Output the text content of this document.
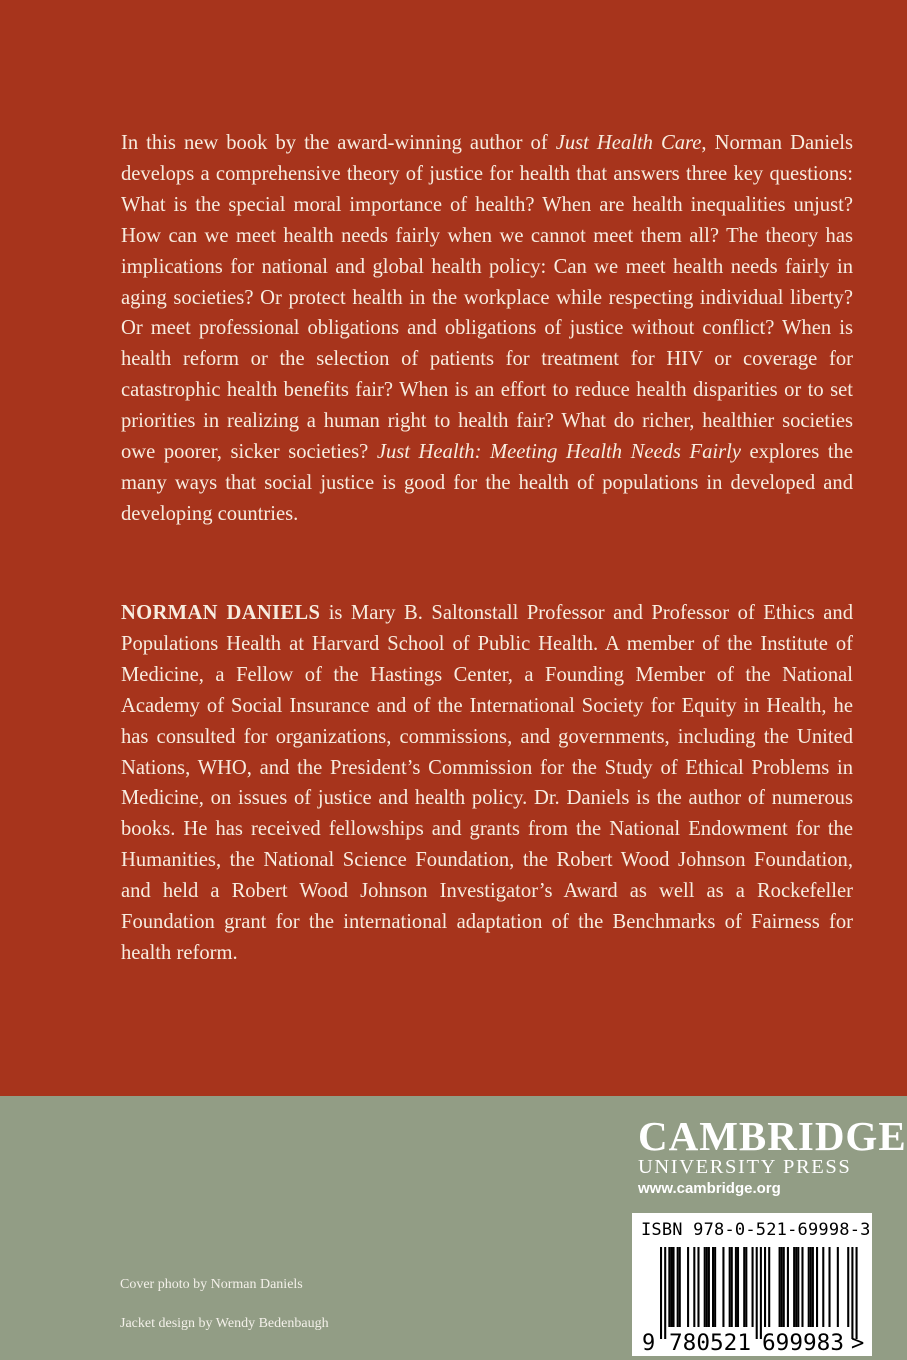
In this new book by the award-winning author of Just Health Care, Norman Daniels develops a comprehensive theory of justice for health that answers three key questions: What is the special moral importance of health? When are health inequalities unjust? How can we meet health needs fairly when we cannot meet them all? The theory has implications for national and global health policy: Can we meet health needs fairly in aging societies? Or protect health in the workplace while respecting individual liberty? Or meet professional obligations and obligations of justice without conflict? When is health reform or the selection of patients for treatment for HIV or coverage for catastrophic health benefits fair? When is an effort to reduce health disparities or to set priorities in realizing a human right to health fair? What do richer, healthier societies owe poorer, sicker societies? Just Health: Meeting Health Needs Fairly explores the many ways that social justice is good for the health of populations in developed and developing countries.

NORMAN DANIELS is Mary B. Saltonstall Professor and Professor of Ethics and Populations Health at Harvard School of Public Health. A member of the Institute of Medicine, a Fellow of the Hastings Center, a Founding Member of the National Academy of Social Insurance and of the International Society for Equity in Health, he has consulted for organizations, commissions, and governments, including the United Nations, WHO, and the President’s Commission for the Study of Ethical Problems in Medicine, on issues of justice and health policy. Dr. Daniels is the author of numerous books. He has received fellowships and grants from the National Endowment for the Humanities, the National Science Foundation, the Robert Wood Johnson Foundation, and held a Robert Wood Johnson Investigator’s Award as well as a Rockefeller Foundation grant for the international adaptation of the Benchmarks of Fairness for health reform.

CAMBRIDGE
UNIVERSITY PRESS
www.cambridge.org
ISBN 978-0-521-69998-3
9 780521 699983 >
Cover photo by Norman Daniels
Jacket design by Wendy Bedenbaugh
